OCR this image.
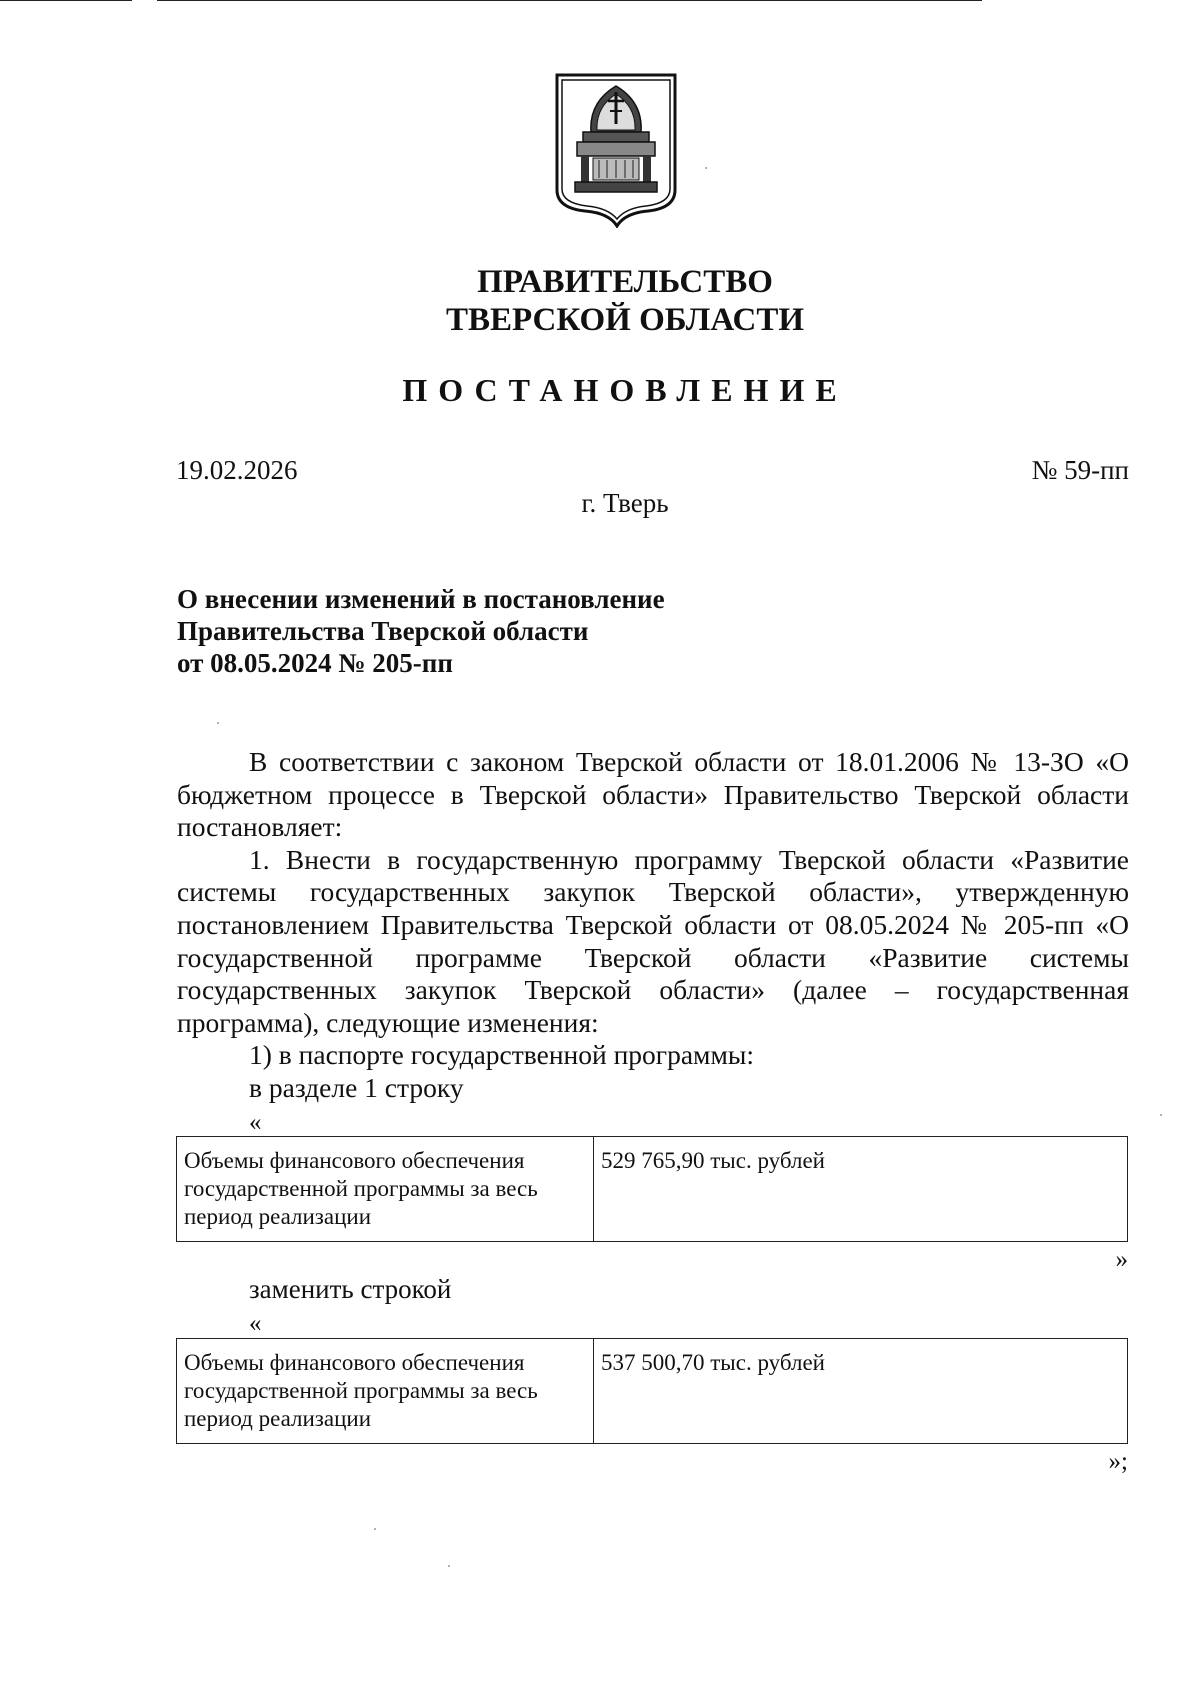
ПРАВИТЕЛЬСТВО
ТВЕРСКОЙ ОБЛАСТИ
ПОСТАНОВЛЕНИЕ
19.02.2026	№ 59-пп
г. Тверь
О внесении изменений в постановление
Правительства Тверской области
от 08.05.2024 № 205-пп

В соответствии с законом Тверской области от 18.01.2006 № 13-ЗО «О бюджетном процессе в Тверской области» Правительство Тверской области постановляет:

1. Внести в государственную программу Тверской области «Развитие системы государственных закупок Тверской области», утвержденную постановлением Правительства Тверской области от 08.05.2024 № 205-пп «О государственной программе Тверской области «Развитие системы государственных закупок Тверской области» (далее – государственная программа), следующие изменения:

1) в паспорте государственной программы:

в разделе 1 строку

«
Объемы финансового обеспечения государственной программы за весь период реализации	529 765,90 тыс. рублей
»
заменить строкой
«
Объемы финансового обеспечения государственной программы за весь период реализации	537 500,70 тыс. рублей
»;
